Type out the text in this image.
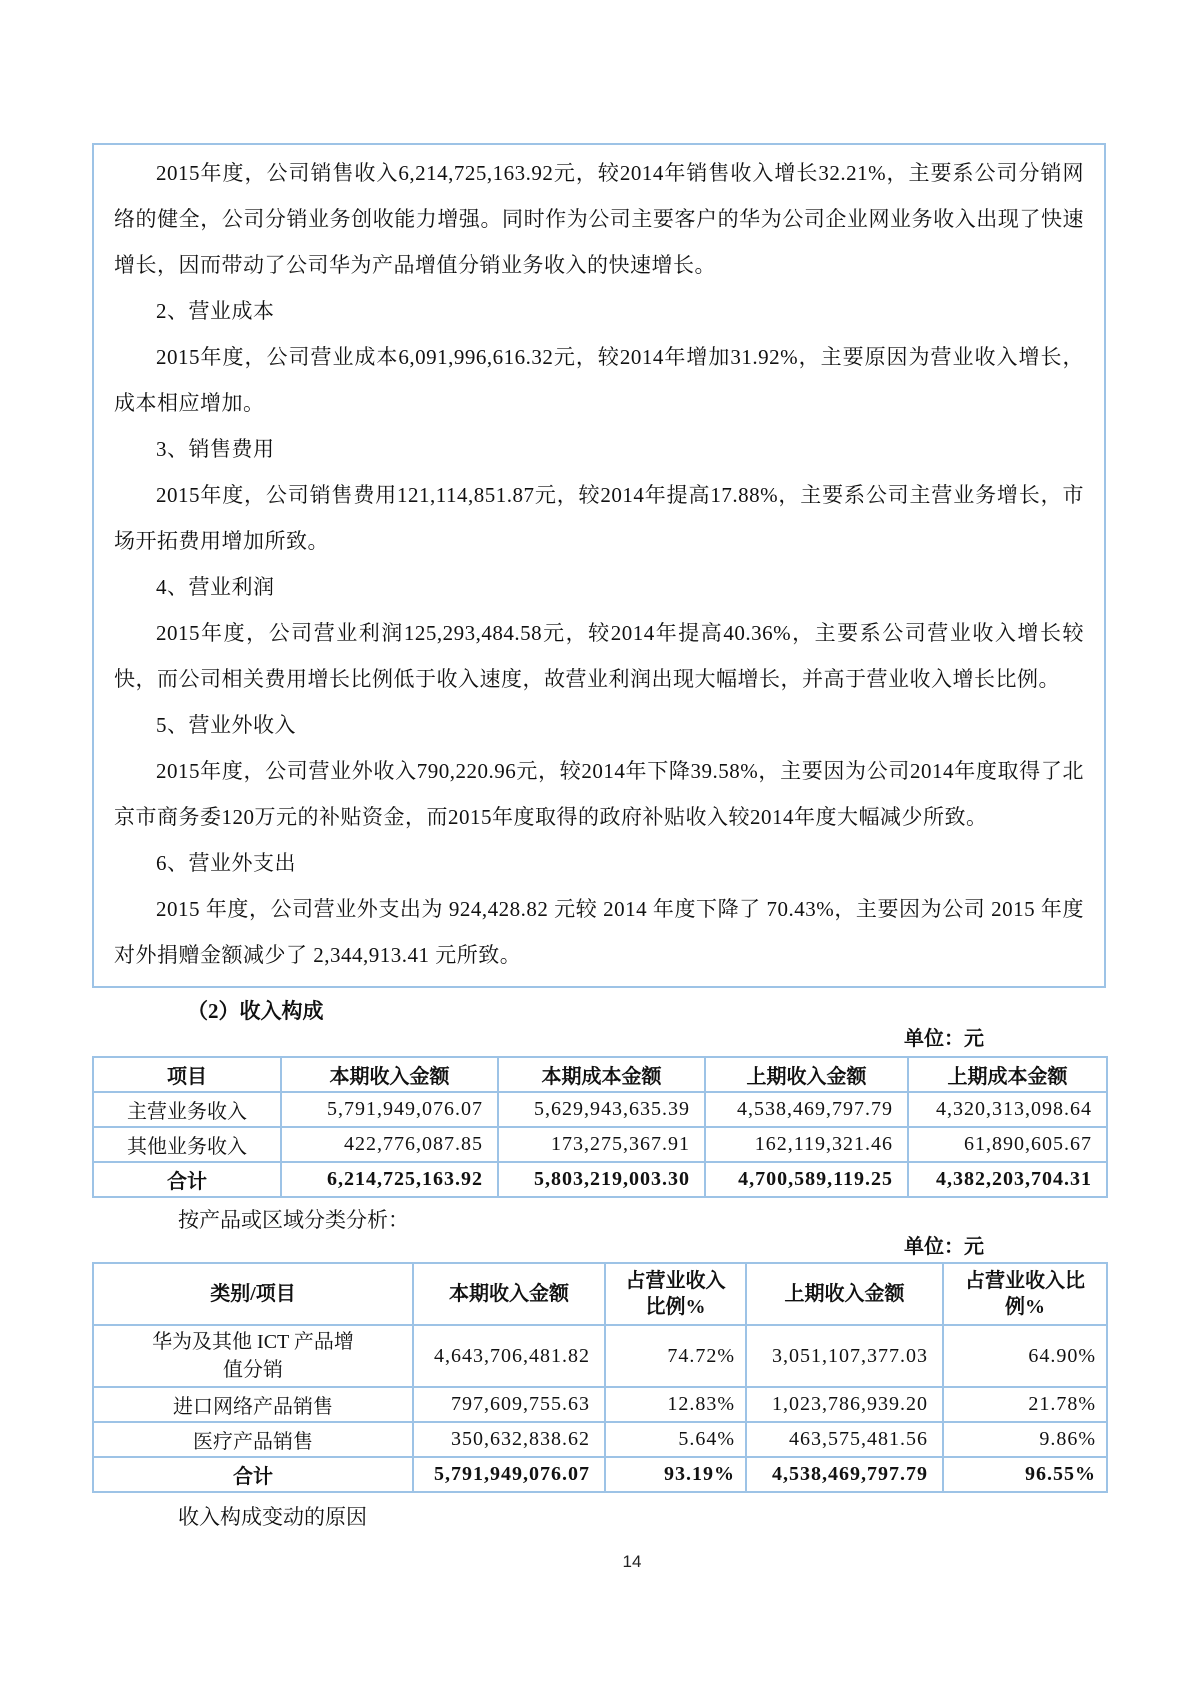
2015年度，公司销售收入6,214,725,163.92元，较2014年销售收入增长32.21%，主要系公司分销网络的健全，公司分销业务创收能力增强。同时作为公司主要客户的华为公司企业网业务收入出现了快速增长，因而带动了公司华为产品增值分销业务收入的快速增长。

2、营业成本

2015年度，公司营业成本6,091,996,616.32元，较2014年增加31.92%，主要原因为营业收入增长，成本相应增加。

3、销售费用

2015年度，公司销售费用121,114,851.87元，较2014年提高17.88%，主要系公司主营业务增长，市场开拓费用增加所致。

4、营业利润

2015年度，公司营业利润125,293,484.58元，较2014年提高40.36%，主要系公司营业收入增长较快，而公司相关费用增长比例低于收入速度，故营业利润出现大幅增长，并高于营业收入增长比例。

5、营业外收入

2015年度，公司营业外收入790,220.96元，较2014年下降39.58%，主要因为公司2014年度取得了北京市商务委120万元的补贴资金，而2015年度取得的政府补贴收入较2014年度大幅减少所致。

6、营业外支出

2015 年度，公司营业外支出为 924,428.82 元较 2014 年度下降了 70.43%，主要因为公司 2015 年度对外捐赠金额减少了 2,344,913.41 元所致。

（2）收入构成
单位：元
项目	本期收入金额	本期成本金额	上期收入金额	上期成本金额
主营业务收入	5,791,949,076.07	5,629,943,635.39	4,538,469,797.79	4,320,313,098.64
其他业务收入	422,776,087.85	173,275,367.91	162,119,321.46	61,890,605.67
合计	6,214,725,163.92	5,803,219,003.30	4,700,589,119.25	4,382,203,704.31
按产品或区域分类分析：
单位：元
类别/项目	本期收入金额	占营业收入比例%	上期收入金额	占营业收入比例%
华为及其他 ICT 产品增值分销	4,643,706,481.82	74.72%	3,051,107,377.03	64.90%
进口网络产品销售	797,609,755.63	12.83%	1,023,786,939.20	21.78%
医疗产品销售	350,632,838.62	5.64%	463,575,481.56	9.86%
合计	5,791,949,076.07	93.19%	4,538,469,797.79	96.55%
收入构成变动的原因
14
